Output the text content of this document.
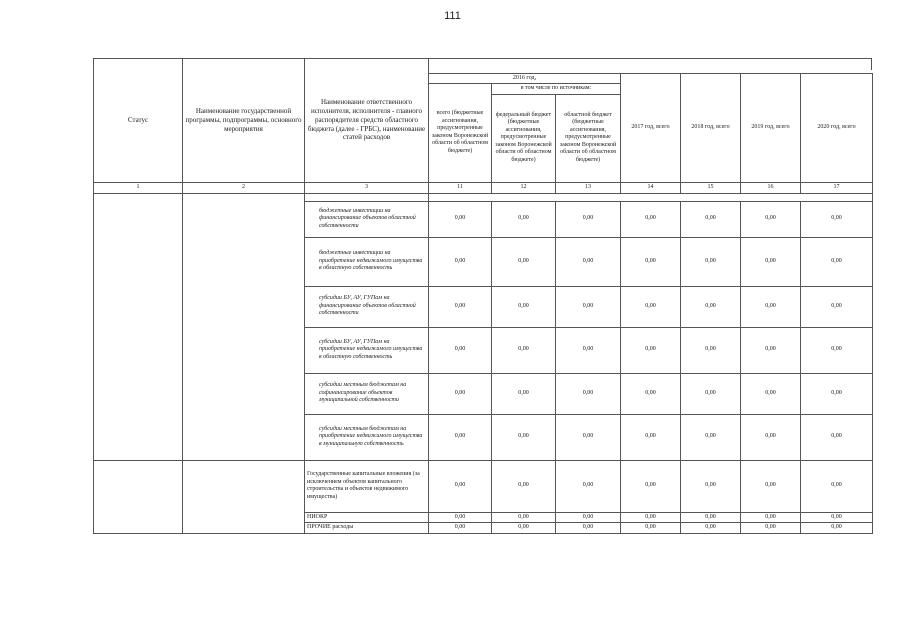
111
Статус	Наименование государственной программы, подпрограммы, основного мероприятия	Наименование ответственного исполнителя, исполнителя - главного распорядителя средств областного бюджета (далее - ГРБС), наименование статей расходов							
			2016 год,			2017 год, всего	2018 год, всего	2019 год, всего	2020 год, всего
			всего (бюджетные ассигнования, предусмотренные законом Воронежской области об областном бюджете)	в том числе по источникам:					
				федеральный бюджет (бюджетные ассигнования, предусмотренные законом Воронежской области об областном бюджете)	областной бюджет (бюджетные ассигнования, предусмотренные законом Воронежской области об областном бюджете)				
1	2	3	11	12	13	14	15	16	17

		бюджетные инвестиции на финансирование объектов областной собственности	0,00	0,00	0,00	0,00	0,00	0,00	0,00
		бюджетные инвестиции на приобретение недвижимого имущества в областную собственность	0,00	0,00	0,00	0,00	0,00	0,00	0,00
		субсидии БУ, АУ, ГУПам на финансирование объектов областной собственности	0,00	0,00	0,00	0,00	0,00	0,00	0,00
		субсидии БУ, АУ, ГУПам на приобретение недвижимого имущества в областную собственность	0,00	0,00	0,00	0,00	0,00	0,00	0,00
		субсидии местным бюджетам на софинансирование объектов муниципальной собственности	0,00	0,00	0,00	0,00	0,00	0,00	0,00
		субсидии местным бюджетам на приобретение недвижимого имущества в муниципальную собственность	0,00	0,00	0,00	0,00	0,00	0,00	0,00
		Государственные капитальные вложения (за исключением объектов капитального строительства и объектов недвижимого имущества)	0,00	0,00	0,00	0,00	0,00	0,00	0,00
		НИОКР	0,00	0,00	0,00	0,00	0,00	0,00	0,00
		ПРОЧИЕ расходы	0,00	0,00	0,00	0,00	0,00	0,00	0,00
